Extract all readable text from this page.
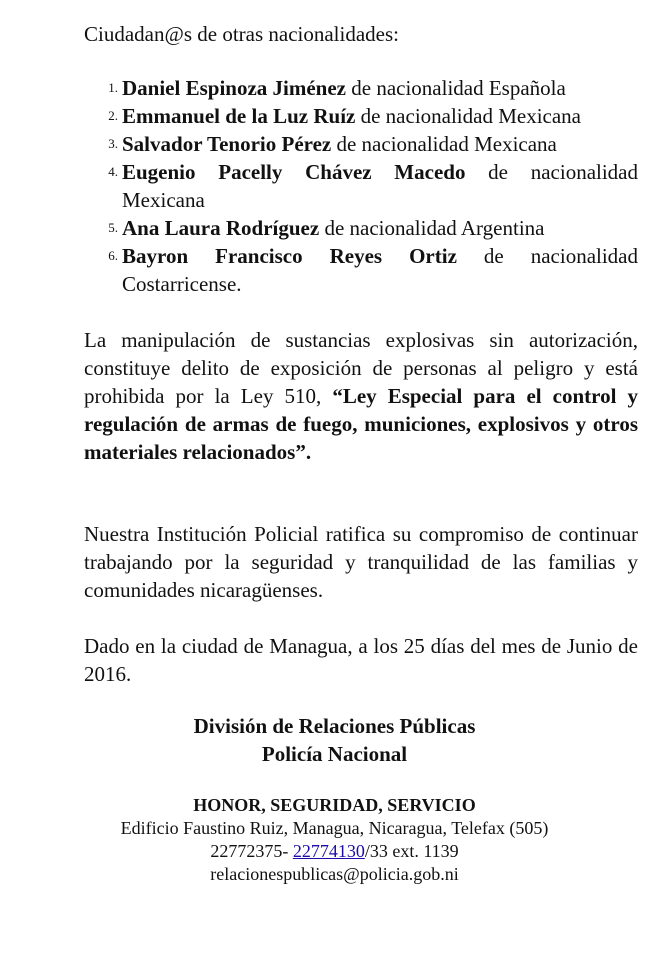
Ciudadan@s de otras nacionalidades:
1. Daniel Espinoza Jiménez de nacionalidad Española
2. Emmanuel de la Luz Ruíz de nacionalidad Mexicana
3. Salvador Tenorio Pérez de nacionalidad Mexicana
4. Eugenio Pacelly Chávez Macedo de nacionalidad Mexicana
5. Ana Laura Rodríguez de nacionalidad Argentina
6. Bayron Francisco Reyes Ortiz de nacionalidad Costarricense.
La manipulación de sustancias explosivas sin autorización, constituye delito de exposición de personas al peligro y está prohibida por la Ley 510, “Ley Especial para el control y regulación de armas de fuego, municiones, explosivos y otros materiales relacionados”.
Nuestra Institución Policial ratifica su compromiso de continuar trabajando por la seguridad y tranquilidad de las familias y comunidades nicaragüenses.
Dado en la ciudad de Managua, a los 25 días del mes de Junio de 2016.
División de Relaciones Públicas
Policía Nacional
HONOR, SEGURIDAD, SERVICIO
Edificio Faustino Ruiz, Managua, Nicaragua, Telefax (505)
22772375- 22774130/33 ext. 1139
relacionespublicas@policia.gob.ni
